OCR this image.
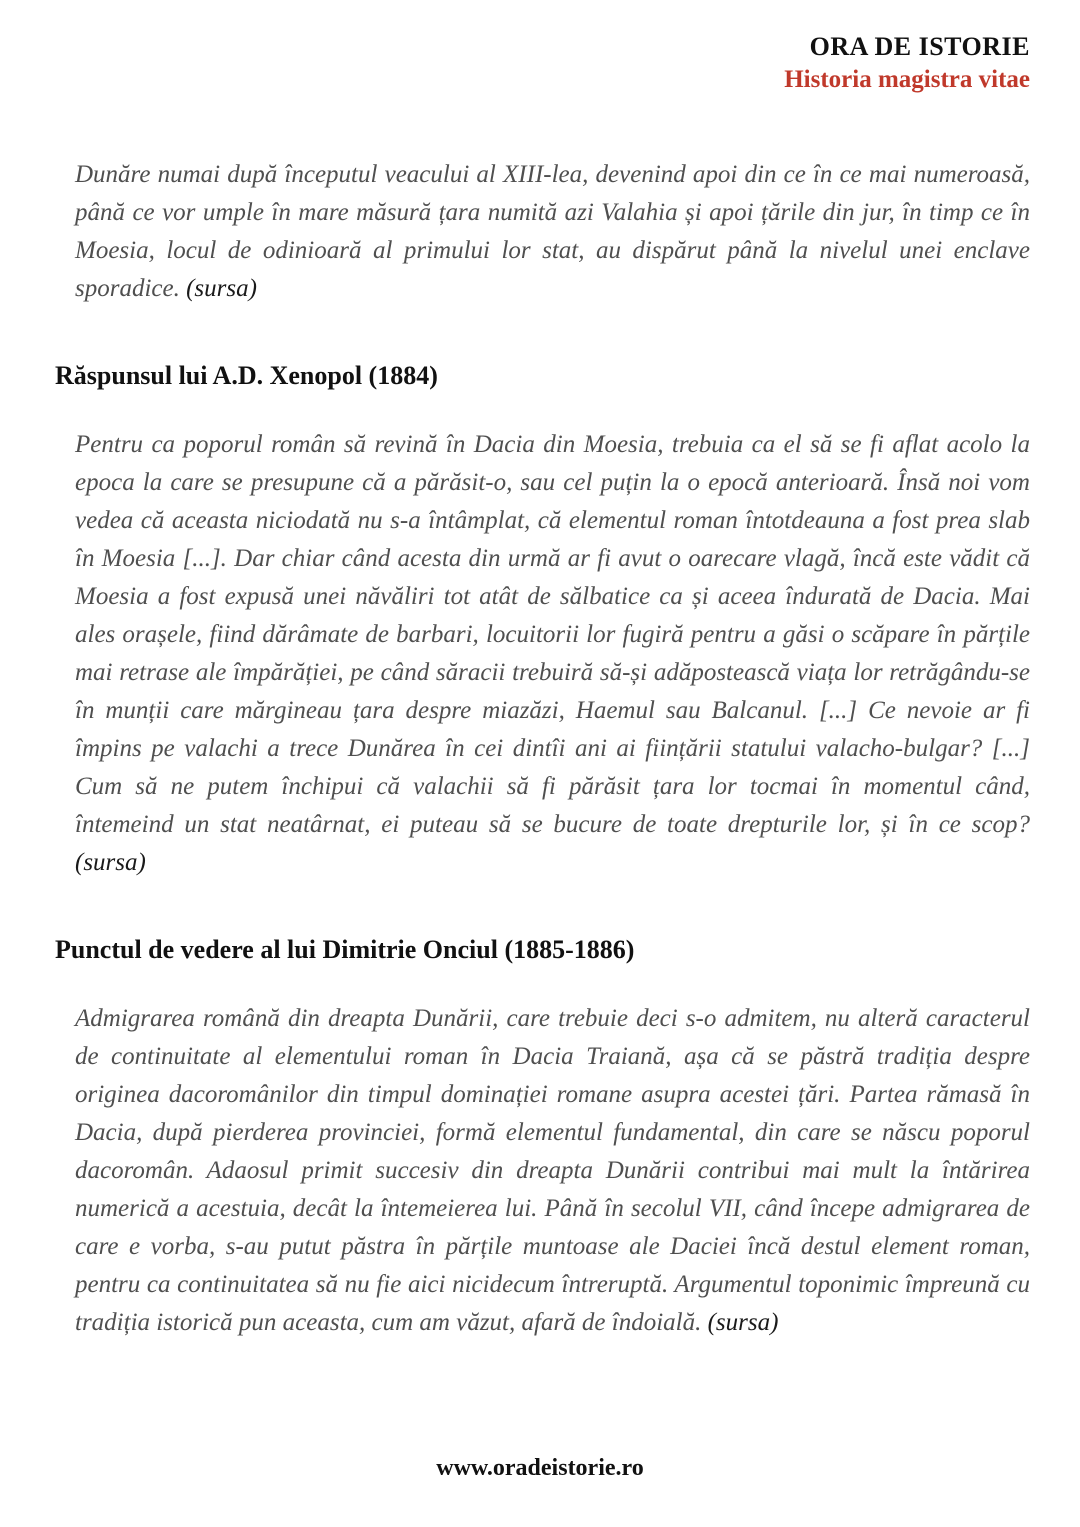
ORA DE ISTORIE
Historia magistra vitae

Dunăre numai după începutul veacului al XIII-lea, devenind apoi din ce în ce mai numeroasă, până ce vor umple în mare măsură țara numită azi Valahia și apoi țările din jur, în timp ce în Moesia, locul de odinioară al primului lor stat, au dispărut până la nivelul unei enclave sporadice. (sursa)

Răspunsul lui A.D. Xenopol (1884)

Pentru ca poporul român să revină în Dacia din Moesia, trebuia ca el să se fi aflat acolo la epoca la care se presupune că a părăsit-o, sau cel puțin la o epocă anterioară. Însă noi vom vedea că aceasta niciodată nu s-a întâmplat, că elementul roman întotdeauna a fost prea slab în Moesia [...]. Dar chiar când acesta din urmă ar fi avut o oarecare vlagă, încă este vădit că Moesia a fost expusă unei năvăliri tot atât de sălbatice ca și aceea îndurată de Dacia. Mai ales orașele, fiind dărâmate de barbari, locuitorii lor fugiră pentru a găsi o scăpare în părțile mai retrase ale împărăției, pe când săracii trebuiră să-și adăpostească viața lor retrăgându-se în munții care mărgineau țara despre miazăzi, Haemul sau Balcanul. [...] Ce nevoie ar fi împins pe valachi a trece Dunărea în cei dintîi ani ai ființării statului valacho-bulgar? [...] Cum să ne putem închipui că valachii să fi părăsit țara lor tocmai în momentul când, întemeind un stat neatârnat, ei puteau să se bucure de toate drepturile lor, și în ce scop? (sursa)

Punctul de vedere al lui Dimitrie Onciul (1885-1886)

Admigrarea română din dreapta Dunării, care trebuie deci s-o admitem, nu alteră caracterul de continuitate al elementului roman în Dacia Traiană, așa că se păstră tradiția despre originea dacoromânilor din timpul dominației romane asupra acestei țări. Partea rămasă în Dacia, după pierderea provinciei, formă elementul fundamental, din care se născu poporul dacoromân. Adaosul primit succesiv din dreapta Dunării contribui mai mult la întărirea numerică a acestuia, decât la întemeierea lui. Până în secolul VII, când începe admigrarea de care e vorba, s-au putut păstra în părțile muntoase ale Daciei încă destul element roman, pentru ca continuitatea să nu fie aici nicidecum întreruptă. Argumentul toponimic împreună cu tradiția istorică pun aceasta, cum am văzut, afară de îndoială. (sursa)

www.oradeistorie.ro
